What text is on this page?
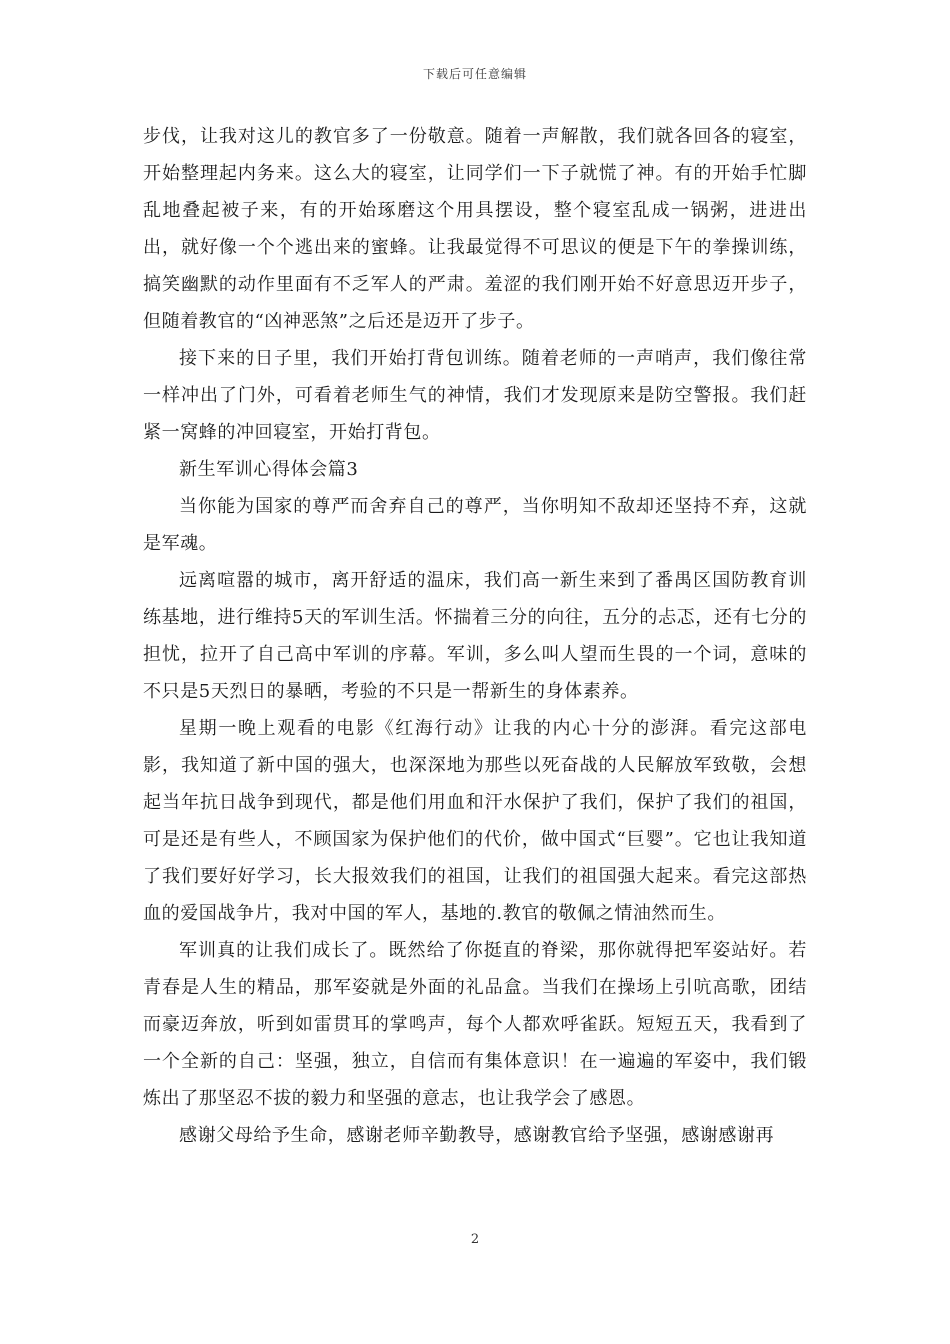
下载后可任意编辑

步伐，让我对这儿的教官多了一份敬意。随着一声解散，我们就各回各的寝室，开始整理起内务来。这么大的寝室，让同学们一下子就慌了神。有的开始手忙脚乱地叠起被子来，有的开始琢磨这个用具摆设，整个寝室乱成一锅粥，进进出出，就好像一个个逃出来的蜜蜂。让我最觉得不可思议的便是下午的拳操训练，搞笑幽默的动作里面有不乏军人的严肃。羞涩的我们刚开始不好意思迈开步子，但随着教官的“凶神恶煞”之后还是迈开了步子。

接下来的日子里，我们开始打背包训练。随着老师的一声哨声，我们像往常一样冲出了门外，可看着老师生气的神情，我们才发现原来是防空警报。我们赶紧一窝蜂的冲回寝室，开始打背包。

新生军训心得体会篇3

当你能为国家的尊严而舍弃自己的尊严，当你明知不敌却还坚持不弃，这就是军魂。

远离喧嚣的城市，离开舒适的温床，我们高一新生来到了番禺区国防教育训练基地，进行维持5天的军训生活。怀揣着三分的向往，五分的忐忑，还有七分的担忧，拉开了自己高中军训的序幕。军训，多么叫人望而生畏的一个词，意味的不只是5天烈日的暴晒，考验的不只是一帮新生的身体素养。

星期一晚上观看的电影《红海行动》让我的内心十分的澎湃。看完这部电影，我知道了新中国的强大，也深深地为那些以死奋战的人民解放军致敬，会想起当年抗日战争到现代，都是他们用血和汗水保护了我们，保护了我们的祖国，可是还是有些人，不顾国家为保护他们的代价，做中国式“巨婴”。它也让我知道了我们要好好学习，长大报效我们的祖国，让我们的祖国强大起来。看完这部热血的爱国战争片，我对中国的军人，基地的.教官的敬佩之情油然而生。

军训真的让我们成长了。既然给了你挺直的脊梁，那你就得把军姿站好。若青春是人生的精品，那军姿就是外面的礼品盒。当我们在操场上引吭高歌，团结而豪迈奔放，听到如雷贯耳的掌鸣声，每个人都欢呼雀跃。短短五天，我看到了一个全新的自己：坚强，独立，自信而有集体意识！在一遍遍的军姿中，我们锻炼出了那坚忍不拔的毅力和坚强的意志，也让我学会了感恩。

感谢父母给予生命，感谢老师辛勤教导，感谢教官给予坚强，感谢感谢再

2
